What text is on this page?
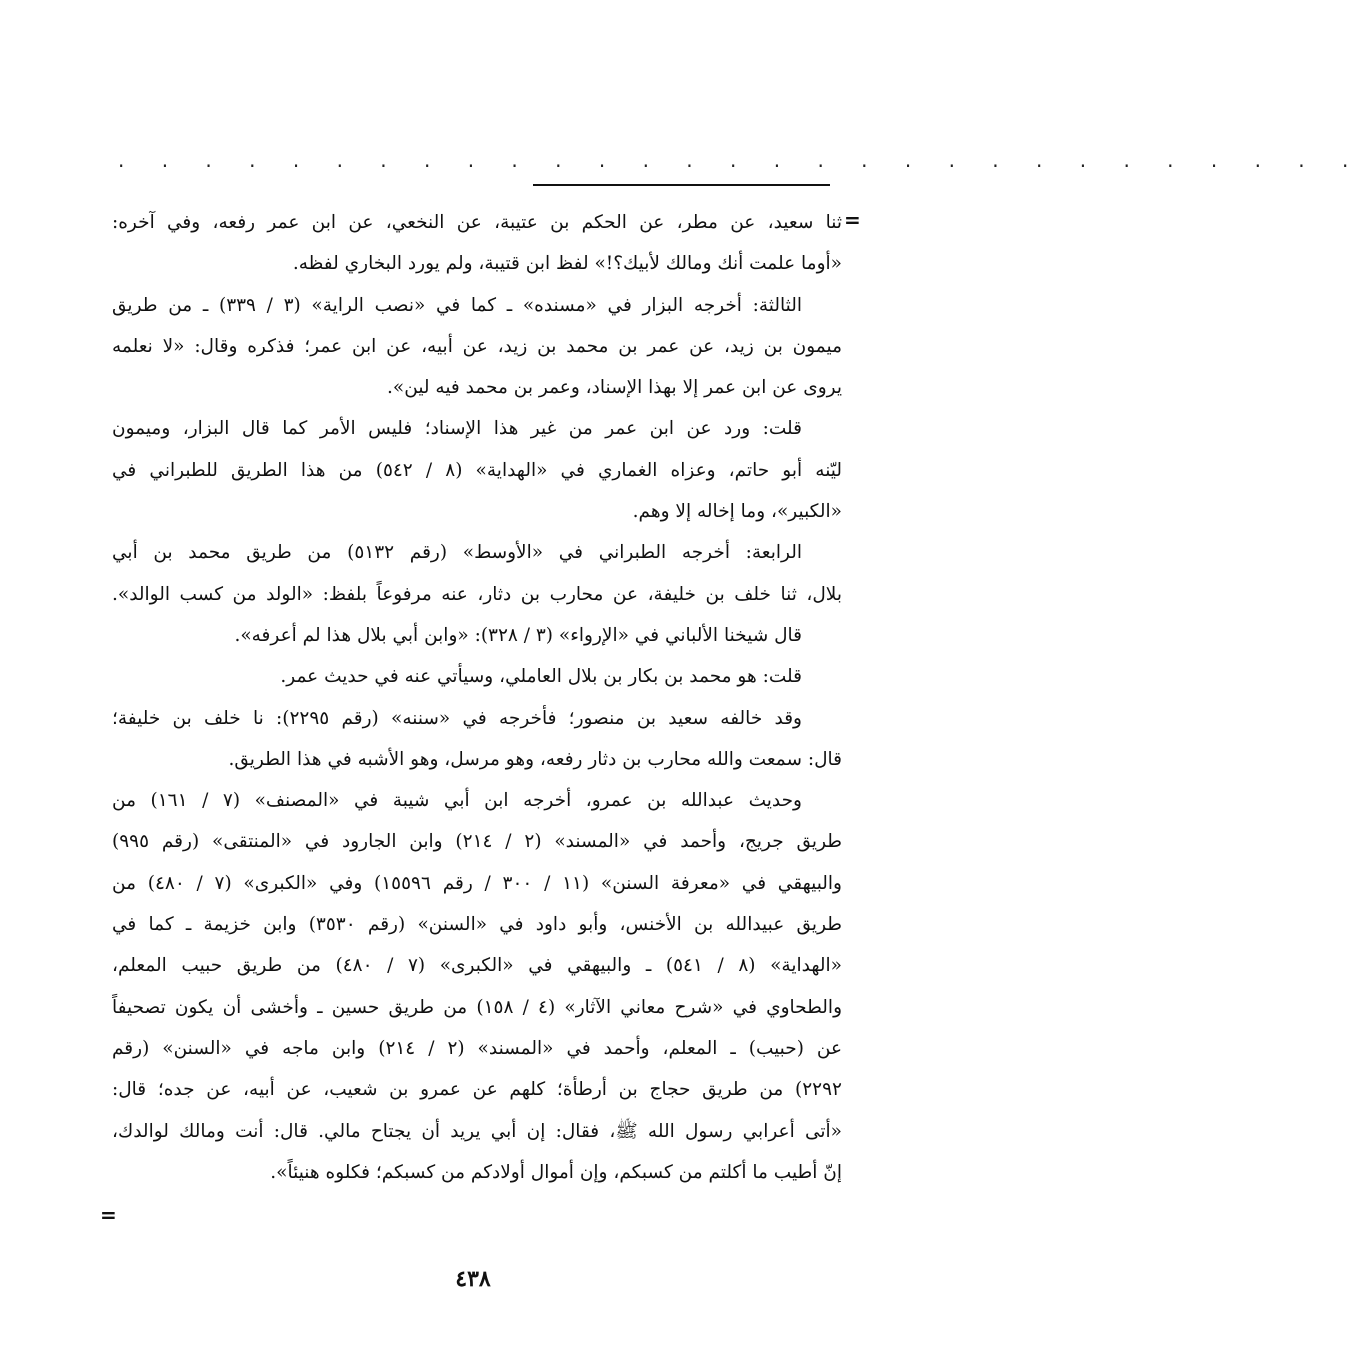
. . . . . . . . . . . . . . . . . . . . . . . . . . . . .
=
ثنا سعيد، عن مطر، عن الحكم بن عتيبة، عن النخعي، عن ابن عمر رفعه، وفي آخره:
«أوما علمت أنك ومالك لأبيك؟!» لفظ ابن قتيبة، ولم يورد البخاري لفظه.
الثالثة: أخرجه البزار في «مسنده» ـ كما في «نصب الراية» (٣ / ٣٣٩) ـ من طريق
ميمون بن زيد، عن عمر بن محمد بن زيد، عن أبيه، عن ابن عمر؛ فذكره وقال: «لا نعلمه
يروى عن ابن عمر إلا بهذا الإسناد، وعمر بن محمد فيه لين».
قلت: ورد عن ابن عمر من غير هذا الإسناد؛ فليس الأمر كما قال البزار، وميمون
ليّنه أبو حاتم، وعزاه الغماري في «الهداية» (٨ / ٥٤٢) من هذا الطريق للطبراني في
«الكبير»، وما إخاله إلا وهم.
الرابعة: أخرجه الطبراني في «الأوسط» (رقم ٥١٣٢) من طريق محمد بن أبي
بلال، ثنا خلف بن خليفة، عن محارب بن دثار، عنه مرفوعاً بلفظ: «الولد من كسب الوالد».
قال شيخنا الألباني في «الإرواء» (٣ / ٣٢٨): «وابن أبي بلال هذا لم أعرفه».
قلت: هو محمد بن بكار بن بلال العاملي، وسيأتي عنه في حديث عمر.
وقد خالفه سعيد بن منصور؛ فأخرجه في «سننه» (رقم ٢٢٩٥): نا خلف بن خليفة؛
قال: سمعت والله محارب بن دثار رفعه، وهو مرسل، وهو الأشبه في هذا الطريق.
وحديث عبدالله بن عمرو، أخرجه ابن أبي شيبة في «المصنف» (٧ / ١٦١) من
طريق جريج، وأحمد في «المسند» (٢ / ٢١٤) وابن الجارود في «المنتقى» (رقم ٩٩٥)
والبيهقي في «معرفة السنن» (١١ / ٣٠٠ / رقم ١٥٥٩٦) وفي «الكبرى» (٧ / ٤٨٠) من
طريق عبيدالله بن الأخنس، وأبو داود في «السنن» (رقم ٣٥٣٠) وابن خزيمة ـ كما في
«الهداية» (٨ / ٥٤١) ـ والبيهقي في «الكبرى» (٧ / ٤٨٠) من طريق حبيب المعلم،
والطحاوي في «شرح معاني الآثار» (٤ / ١٥٨) من طريق حسين ـ وأخشى أن يكون تصحيفاً
عن (حبيب) ـ المعلم، وأحمد في «المسند» (٢ / ٢١٤) وابن ماجه في «السنن» (رقم
٢٢٩٢) من طريق حجاج بن أرطأة؛ كلهم عن عمرو بن شعيب، عن أبيه، عن جده؛ قال:
«أتى أعرابي رسول الله ﷺ، فقال: إن أبي يريد أن يجتاح مالي. قال: أنت ومالك لوالدك،
إنّ أطيب ما أكلتم من كسبكم، وإن أموال أولادكم من كسبكم؛ فكلوه هنيئاً».
=
٤٣٨
